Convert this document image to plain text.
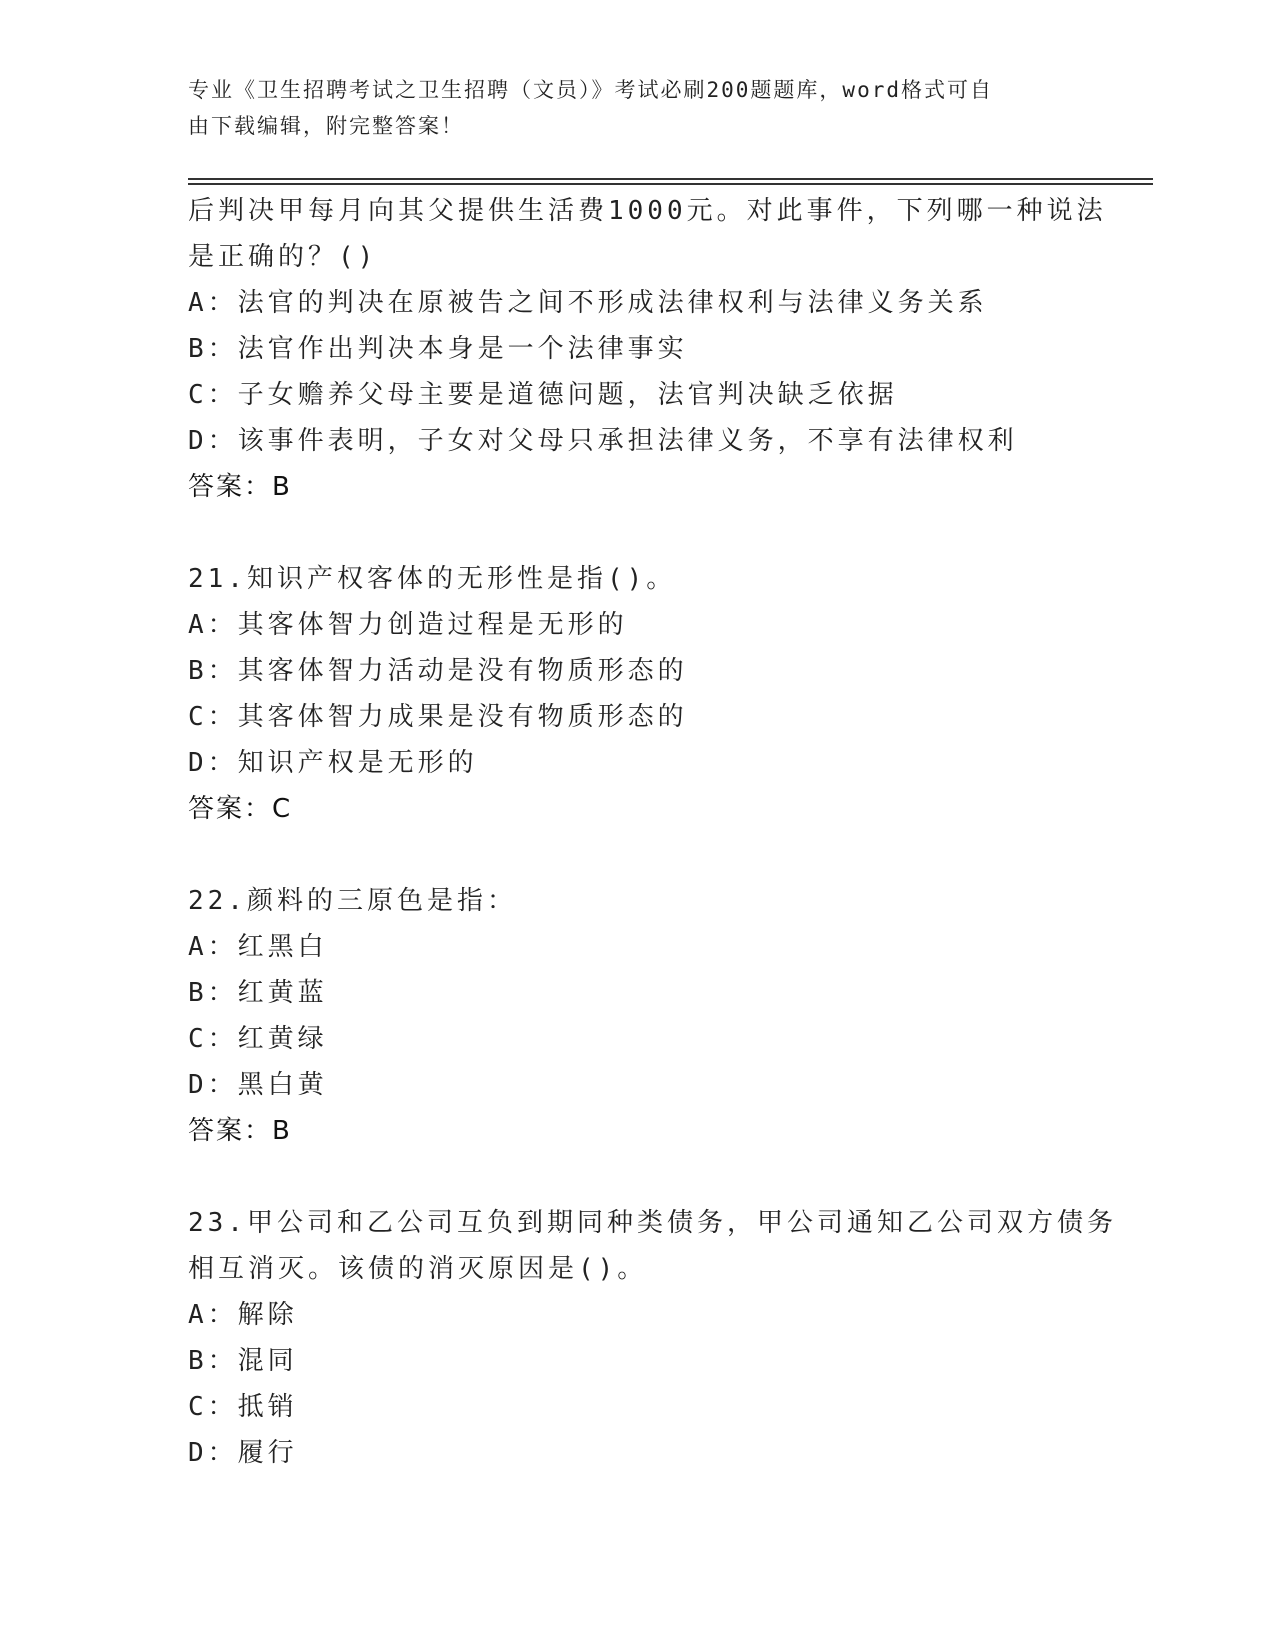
专业《卫生招聘考试之卫生招聘（文员）》考试必刷200题题库，word格式可自
由下载编辑，附完整答案！
后判决甲每月向其父提供生活费1000元。对此事件，下列哪一种说法
是正确的？()
A：法官的判决在原被告之间不形成法律权利与法律义务关系
B：法官作出判决本身是一个法律事实
C：子女赡养父母主要是道德问题，法官判决缺乏依据
D：该事件表明，子女对父母只承担法律义务，不享有法律权利
答案：B
21.知识产权客体的无形性是指()。
A：其客体智力创造过程是无形的
B：其客体智力活动是没有物质形态的
C：其客体智力成果是没有物质形态的
D：知识产权是无形的
答案：C
22.颜料的三原色是指：
A：红黑白
B：红黄蓝
C：红黄绿
D：黑白黄
答案：B
23.甲公司和乙公司互负到期同种类债务，甲公司通知乙公司双方债务
相互消灭。该债的消灭原因是()。
A：解除
B：混同
C：抵销
D：履行
